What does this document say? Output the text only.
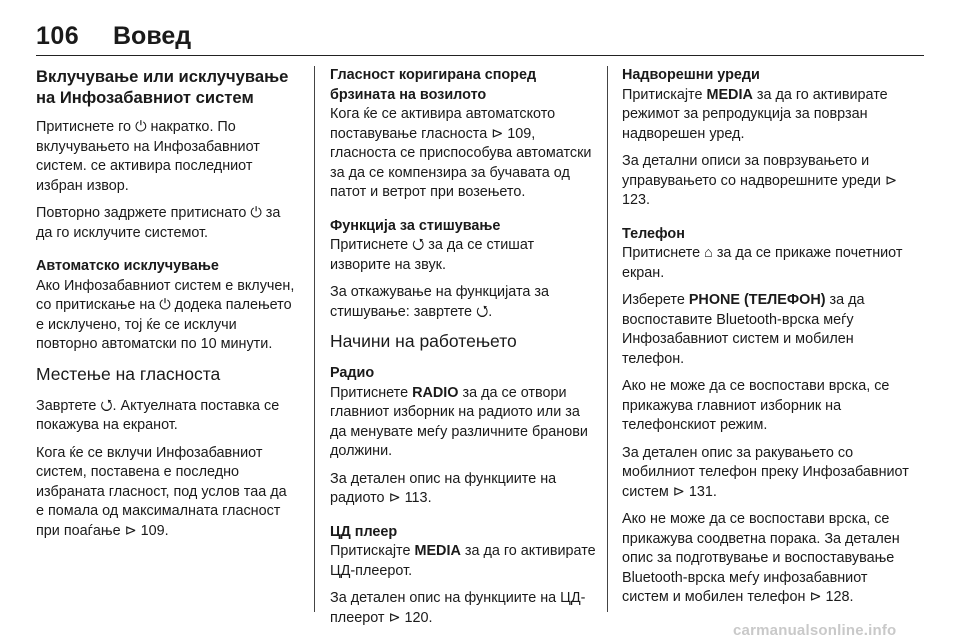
106 Вовед
Вклучување или исклучување на Инфозабавниот систем

Притиснете го ⏻ накратко. По вклучувањето на Инфозабавниот систем. се активира последниот избран извор.

Повторно задржете притиснато ⏻ за да го исклучите системот.

Автоматско исклучување

Ако Инфозабавниот систем е вклучен, со притискање на ⏻ додека палењето е исклучено, тој ќе се исклучи повторно автоматски по 10 минути.

Местење на гласноста

Завртете ⭯. Актуелната поставка се покажува на екранот.

Кога ќе се вклучи Инфозабавниот систем, поставена е последно избраната гласност, под услов таа да е помала од максималната гласност при поаѓање ⊳ 109.

Гласност коригирана според брзината на возилото

Кога ќе се активира автоматското поставување гласноста ⊳ 109, гласноста се приспособува автоматски за да се компензира за бучавата од патот и ветрот при возењето.

Функција за стишување

Притиснете ⭯ за да се стишат изворите на звук.

За откажување на функцијата за стишување: завртете ⭯.

Начини на работењето
Радио

Притиснете RADIO за да се отвори главниот изборник на радиото или за да менувате меѓу различните бранови должини.

За детален опис на функциите на радиото ⊳ 113.

ЦД плеер

Притискајте MEDIA за да го активирате ЦД-плеерот.

За детален опис на функциите на ЦД-плеерот ⊳ 120.

Надворешни уреди

Притискајте MEDIA за да го активирате режимот за репродукција за поврзан надворешен уред.

За детални описи за поврзувањето и управувањето со надворешните уреди ⊳ 123.

Телефон

Притиснете ⌂ за да се прикаже почетниот екран.

Изберете PHONE (ТЕЛЕФОН) за да воспоставите Bluetooth-врска меѓу Инфозабавниот систем и мобилен телефон.

Ако не може да се воспостави врска, се прикажува главниот изборник на телефонскиот режим.

За детален опис за ракувањето со мобилниот телефон преку Инфозабавниот систем ⊳ 131.

Ако не може да се воспостави врска, се прикажува соодветна порака. За детален опис за подготвување и воспоставување Bluetooth-врска меѓу инфозабавниот систем и мобилен телефон ⊳ 128.

carmanualsonline.info
